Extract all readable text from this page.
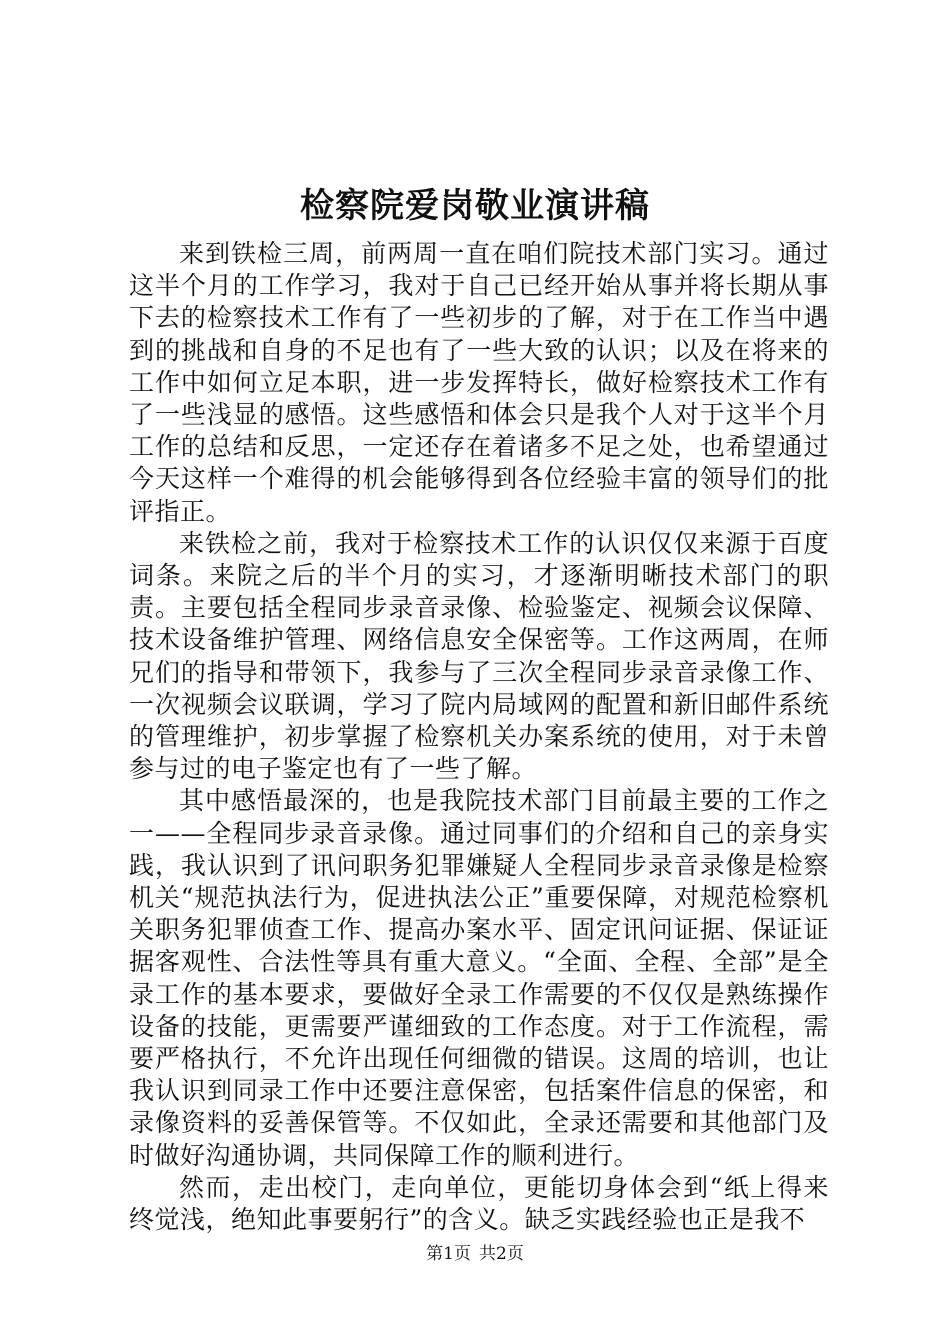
检察院爱岗敬业演讲稿

来到铁检三周，前两周一直在咱们院技术部门实习。通过这半个月的工作学习，我对于自己已经开始从事并将长期从事下去的检察技术工作有了一些初步的了解，对于在工作当中遇到的挑战和自身的不足也有了一些大致的认识；以及在将来的工作中如何立足本职，进一步发挥特长，做好检察技术工作有了一些浅显的感悟。这些感悟和体会只是我个人对于这半个月工作的总结和反思，一定还存在着诸多不足之处，也希望通过今天这样一个难得的机会能够得到各位经验丰富的领导们的批评指正。

来铁检之前，我对于检察技术工作的认识仅仅来源于百度词条。来院之后的半个月的实习，才逐渐明晰技术部门的职责。主要包括全程同步录音录像、检验鉴定、视频会议保障、技术设备维护管理、网络信息安全保密等。工作这两周，在师兄们的指导和带领下，我参与了三次全程同步录音录像工作、一次视频会议联调，学习了院内局域网的配置和新旧邮件系统的管理维护，初步掌握了检察机关办案系统的使用，对于未曾参与过的电子鉴定也有了一些了解。

其中感悟最深的，也是我院技术部门目前最主要的工作之一——全程同步录音录像。通过同事们的介绍和自己的亲身实践，我认识到了讯问职务犯罪嫌疑人全程同步录音录像是检察机关“规范执法行为，促进执法公正”重要保障，对规范检察机关职务犯罪侦查工作、提高办案水平、固定讯问证据、保证证据客观性、合法性等具有重大意义。“全面、全程、全部”是全录工作的基本要求，要做好全录工作需要的不仅仅是熟练操作设备的技能，更需要严谨细致的工作态度。对于工作流程，需要严格执行，不允许出现任何细微的错误。这周的培训，也让我认识到同录工作中还要注意保密，包括案件信息的保密，和录像资料的妥善保管等。不仅如此，全录还需要和其他部门及时做好沟通协调，共同保障工作的顺利进行。

然而，走出校门，走向单位，更能切身体会到“纸上得来终觉浅，绝知此事要躬行”的含义。缺乏实践经验也正是我不

第1页 共2页
